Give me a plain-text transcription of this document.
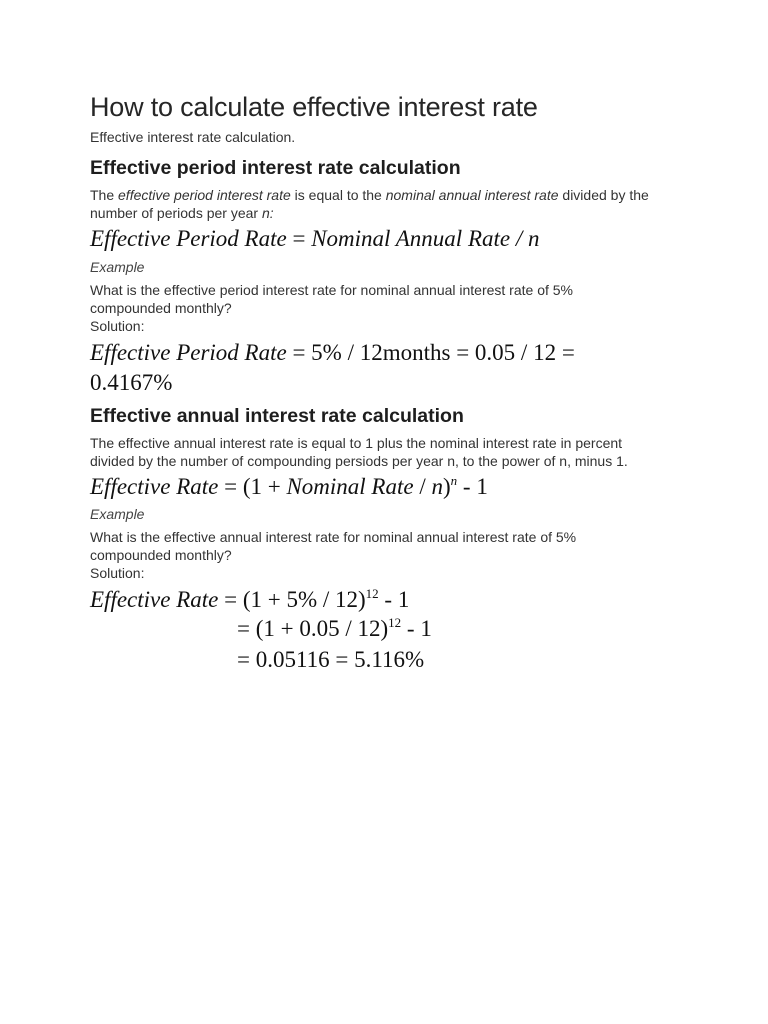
How to calculate effective interest rate
Effective interest rate calculation.
Effective period interest rate calculation
The effective period interest rate is equal to the nominal annual interest rate divided by the number of periods per year n:
Effective Period Rate = Nominal Annual Rate / n
Example
What is the effective period interest rate for nominal annual interest rate of 5%
compounded monthly?
Solution:
Effective Period Rate = 5% / 12months = 0.05 / 12 =
0.4167%
Effective annual interest rate calculation
The effective annual interest rate is equal to 1 plus the nominal interest rate in percent
divided by the number of compounding persiods per year n, to the power of n, minus 1.
Effective Rate = (1 + Nominal Rate / n)$^n$ - 1
Example
What is the effective annual interest rate for nominal annual interest rate of 5%
compounded monthly?
Solution:
Effective Rate = $(1 + 5\% / 12)^{12} - 1$
= $(1 + 0.05 / 12)^{12} - 1$
= 0.05116 = 5.116%
